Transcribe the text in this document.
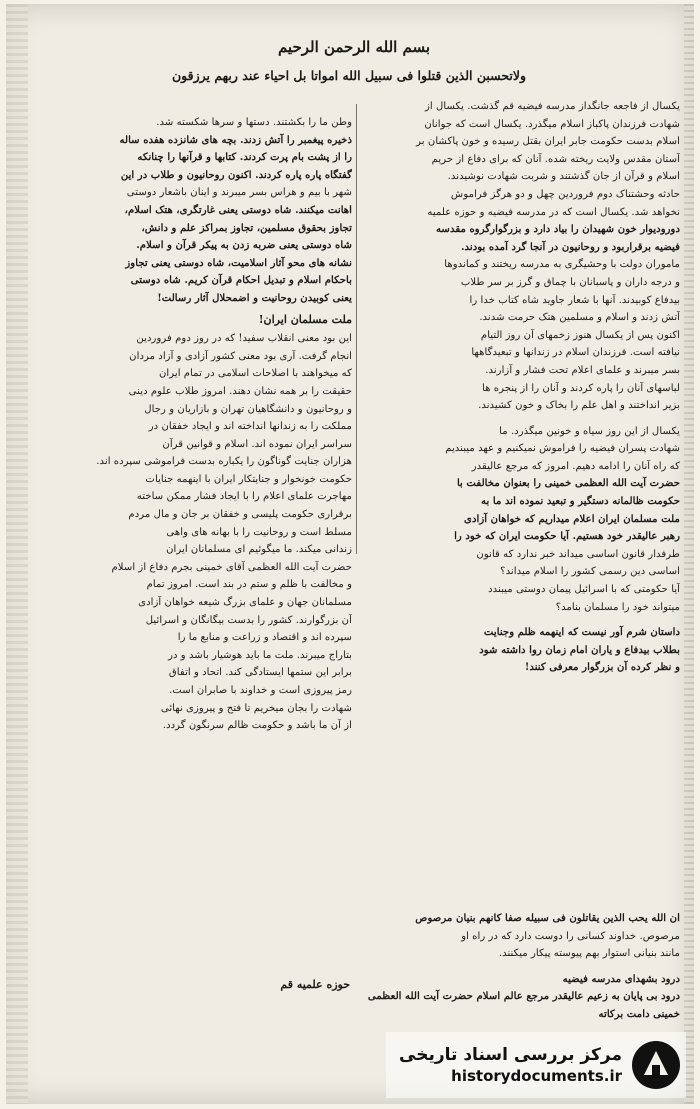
بسم الله الرحمن الرحیم
ولاتحسبن الذین قتلوا فی سبیل الله امواتا بل احیاء عند ربهم یرزقون
یکسال از فاجعه جانگداز مدرسه فیضیه قم گذشت. یکسال از
شهادت فرزندان پاکباز اسلام میگذرد. یکسال است که جوانان
اسلام بدست حکومت جابر ایران بقتل رسیده و خون پاکشان بر
آستان مقدس ولایت ریخته شده. آنان که برای دفاع از حریم
اسلام و قرآن از جان گذشتند و شربت شهادت نوشیدند.
حادثه وحشتناک دوم فروردین چهل و دو هرگز فراموش
نخواهد شد. یکسال است که در مدرسه فیضیه و حوزه علمیه
دورودیوار خون شهیدان را بیاد دارد و بزرگوارگروه مقدسه
فیضیه برقراربود و روحانیون در آنجا گرد آمده بودند.
ماموران دولت با وحشیگری به مدرسه ریختند و کماندوها
و درجه داران و پاسبانان با چماق و گرز بر سر طلاب
بیدفاع کوبیدند. آنها با شعار جاوید شاه کتاب خدا را
آتش زدند و اسلام و مسلمین هتک حرمت شدند.
اکنون پس از یکسال هنوز زخمهای آن روز التیام
نیافته است. فرزندان اسلام در زندانها و تبعیدگاهها
بسر میبرند و علمای اعلام تحت فشار و آزارند.
لباسهای آنان را پاره کردند و آنان را از پنجره ها
بزیر انداختند و اهل علم را بخاک و خون کشیدند.
یکسال از این روز سیاه و خونین میگذرد. ما
شهادت پسران فیضیه را فراموش نمیکنیم و عهد میبندیم
که راه آنان را ادامه دهیم. امروز که مرجع عالیقدر
حضرت آیت الله العظمی خمینی را بعنوان مخالفت با
حکومت ظالمانه دستگیر و تبعید نموده اند ما به
ملت مسلمان ایران اعلام میداریم که خواهان آزادی
رهبر عالیقدر خود هستیم. آیا حکومت ایران که خود را
طرفدار قانون اساسی میداند خبر ندارد که قانون
اساسی دین رسمی کشور را اسلام میداند؟
آیا حکومتی که با اسرائیل پیمان دوستی میبندد
میتواند خود را مسلمان بنامد؟
داستان شرم آور نیست که اینهمه ظلم وجنایت
بطلاب بیدفاع و یاران امام زمان روا داشته شود
و نظر کرده آن بزرگوار معرفی کنند!
وطن ما را بکشتند. دستها و سرها شکسته شد.
ذخیره پیغمبر را آتش زدند. بچه های شانزده هفده ساله
را از پشت بام پرت کردند. کتابها و قرآنها را چنانکه
گفتگاه پاره پاره کردند. اکنون روحانیون و طلاب در این
شهر با بیم و هراس بسر میبرند و اینان باشعار دوستی
اهانت میکنند. شاه دوستی یعنی غارتگری، هتک اسلام،
تجاوز بحقوق مسلمین، تجاوز بمراکز علم و دانش،
شاه دوستی یعنی ضربه زدن به پیکر قرآن و اسلام.
نشانه های محو آثار اسلامیت، شاه دوستی یعنی تجاوز
باحکام اسلام و تبدیل احکام قرآن کریم. شاه دوستی
یعنی کوبیدن روحانیت و اضمحلال آثار رسالت!
ملت مسلمان ایران!
این بود معنی انقلاب سفید! که در روز دوم فروردین
انجام گرفت. آری بود معنی کشور آزادی و آزاد مردان
که میخواهند با اصلاحات اسلامی در تمام ایران
حقیقت را بر همه نشان دهند. امروز طلاب علوم دینی
و روحانیون و دانشگاهیان تهران و بازاریان و رجال
مملکت را به زندانها انداخته اند و ایجاد خفقان در
سراسر ایران نموده اند. اسلام و قوانین قرآن
هزاران جنایت گوناگون را یکباره بدست فراموشی سپرده اند.
حکومت خونخوار و جنایتکار ایران با اینهمه جنایات
مهاجرت علمای اعلام را با ایجاد فشار ممکن ساخته
برقراری حکومت پلیسی و خفقان بر جان و مال مردم
مسلط است و روحانیت را با بهانه های واهی
زندانی میکند. ما میگوئیم ای مسلمانان ایران
حضرت آیت الله العظمی آقای خمینی بجرم دفاع از اسلام
و مخالفت با ظلم و ستم در بند است. امروز تمام
مسلمانان جهان و علمای بزرگ شیعه خواهان آزادی
آن بزرگوارند. کشور را بدست بیگانگان و اسرائیل
سپرده اند و اقتصاد و زراعت و منابع ما را
بتاراج میبرند. ملت ما باید هوشیار باشد و در
برابر این ستمها ایستادگی کند. اتحاد و اتفاق
رمز پیروزی است و خداوند با صابران است.
شهادت را بجان میخریم تا فتح و پیروزی نهائی
از آن ما باشد و حکومت ظالم سرنگون گردد.
ان الله یحب الذین یقاتلون فی سبیله صفا کانهم بنیان مرصوص
مرصوص. خداوند کسانی را دوست دارد که در راه او
مانند بنیانی استوار بهم پیوسته پیکار میکنند.
درود بشهدای مدرسه فیضیه
درود بی پایان به زعیم عالیقدر مرجع عالم اسلام حضرت آیت الله العظمی
خمینی دامت برکاته
حوزه علمیه قم
مرکز بررسی اسناد تاریخی
historydocuments.ir
